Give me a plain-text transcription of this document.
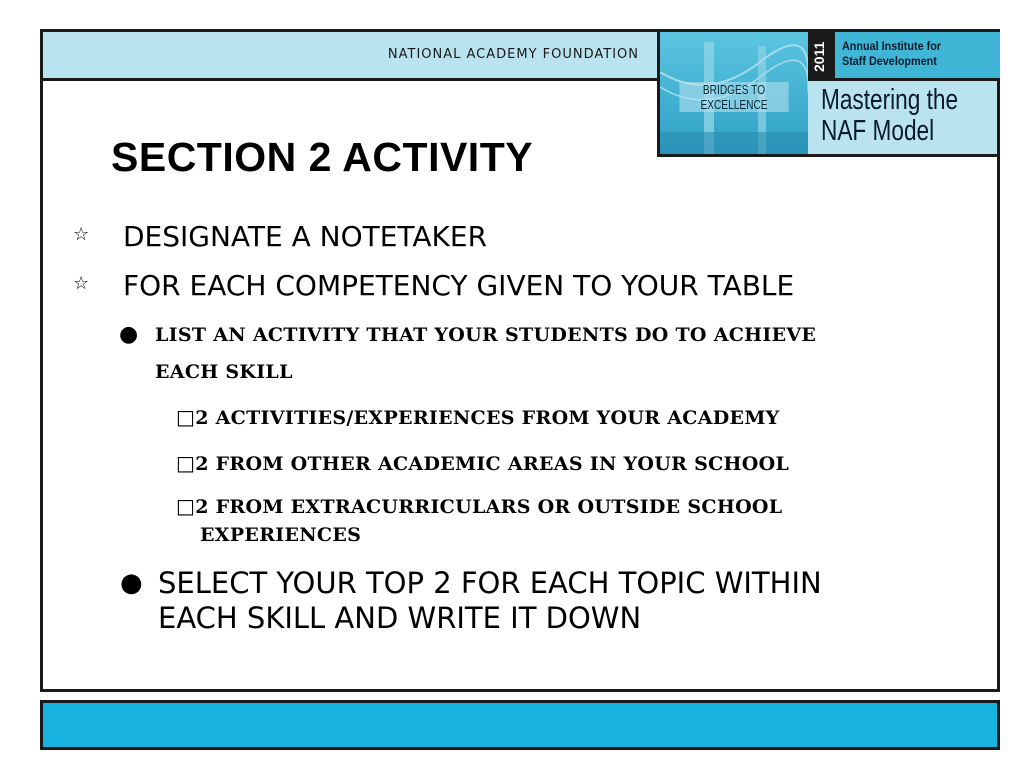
NATIONAL ACADEMY FOUNDATION
BRIDGES TO EXCELLENCE
2011 Annual Institute for
Staff Development
Mastering the
NAF Model
SECTION 2 ACTIVITY
☆ DESIGNATE A NOTETAKER
☆ FOR EACH COMPETENCY GIVEN TO YOUR TABLE
● LIST AN ACTIVITY THAT YOUR STUDENTS DO TO ACHIEVE
EACH SKILL
□2 ACTIVITIES/EXPERIENCES FROM YOUR ACADEMY
□2 FROM OTHER ACADEMIC AREAS IN YOUR SCHOOL
□2 FROM EXTRACURRICULARS OR OUTSIDE SCHOOL
EXPERIENCES
● SELECT YOUR TOP 2 FOR EACH TOPIC WITHIN
EACH SKILL AND WRITE IT DOWN
